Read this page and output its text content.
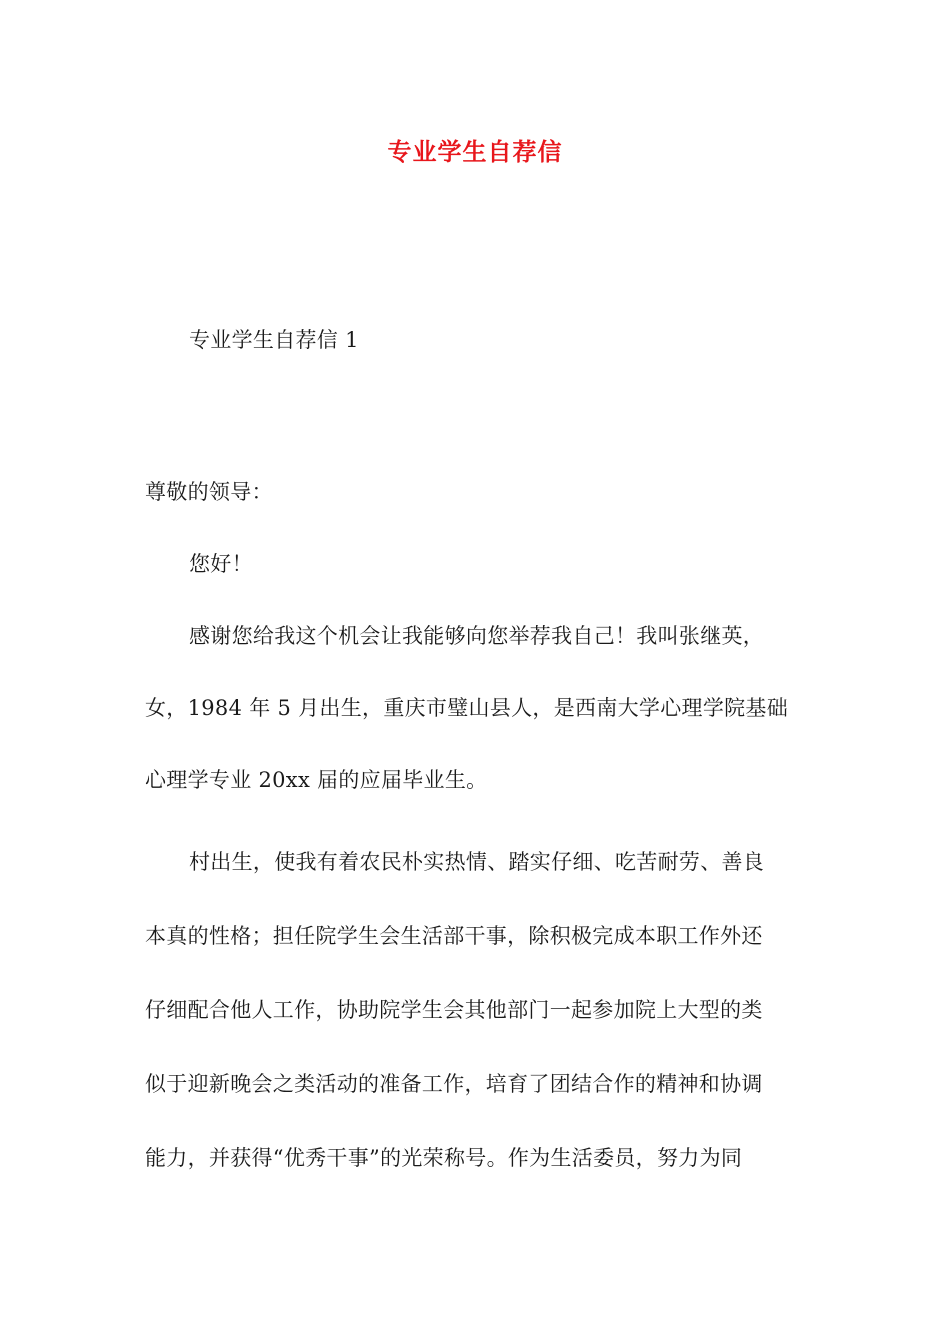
专业学生自荐信
专业学生自荐信 1
尊敬的领导：
您好！
感谢您给我这个机会让我能够向您举荐我自己！我叫张继英，
女，1984 年 5 月出生，重庆市璧山县人，是西南大学心理学院基础
心理学专业 20xx 届的应届毕业生。
村出生，使我有着农民朴实热情、踏实仔细、吃苦耐劳、善良
本真的性格；担任院学生会生活部干事，除积极完成本职工作外还
仔细配合他人工作，协助院学生会其他部门一起参加院上大型的类
似于迎新晚会之类活动的准备工作，培育了团结合作的精神和协调
能力，并获得“优秀干事”的光荣称号。作为生活委员，努力为同
